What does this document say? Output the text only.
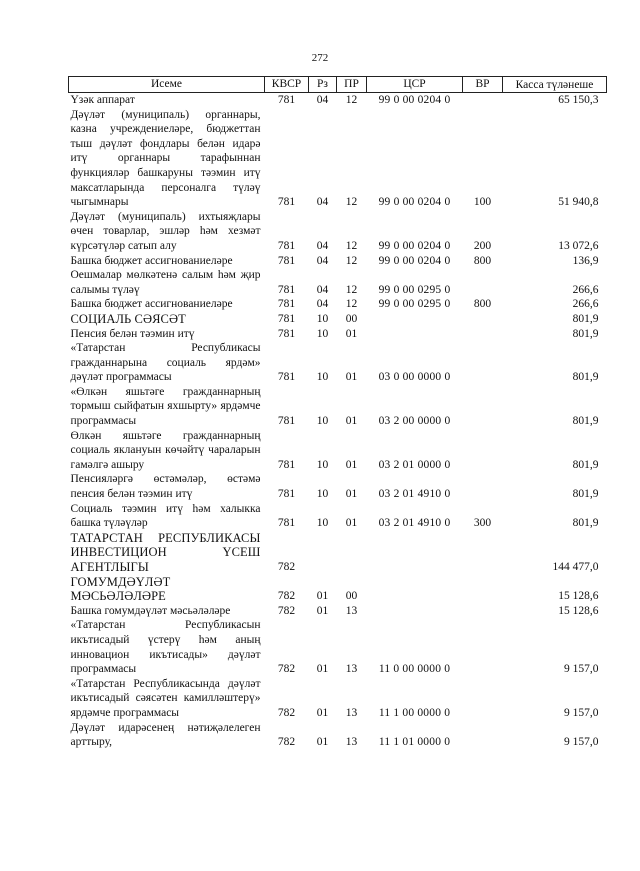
272
Исеме	КВСР	Рз	ПР	ЦСР	ВР	Касса түләнеше
Үзәк аппарат	781	04	12	99 0 00 0204 0		65 150,3
Дәүләт (муниципаль) органнары, казна учреждениеләре, бюджеттан тыш дәүләт фондлары белән идарә итү органнары тарафыннан функцияләр башкаруны тәэмин итү максатларында персоналга түләү чыгымнары	781	04	12	99 0 00 0204 0	100	51 940,8
Дәүләт (муниципаль) ихтыяҗлары өчен товарлар, эшләр һәм хезмәт күрсәтүләр сатып алу	781	04	12	99 0 00 0204 0	200	13 072,6
Башка бюджет ассигнованиеләре	781	04	12	99 0 00 0204 0	800	136,9
Оешмалар мөлкәтенә салым һәм җир салымы түләү	781	04	12	99 0 00 0295 0		266,6
Башка бюджет ассигнованиеләре	781	04	12	99 0 00 0295 0	800	266,6
СОЦИАЛЬ СӘЯСӘТ	781	10	00			801,9
Пенсия белән тәэмин итү	781	10	01			801,9
«Татарстан Республикасы гражданнарына социаль ярдәм» дәүләт программасы	781	10	01	03 0 00 0000 0		801,9
«Өлкән яшьтәге гражданнарның тормыш сыйфатын яхшырту» ярдәмче программасы	781	10	01	03 2 00 0000 0		801,9
Өлкән яшьтәге гражданнарның социаль яклануын көчәйтү чараларын гамәлгә ашыру	781	10	01	03 2 01 0000 0		801,9
Пенсияләргә өстәмәләр, өстәмә пенсия белән тәэмин итү	781	10	01	03 2 01 4910 0		801,9
Социаль тәэмин итү һәм халыкка башка түләүләр	781	10	01	03 2 01 4910 0	300	801,9
ТАТАРСТАН РЕСПУБЛИКАСЫ ИНВЕСТИЦИОН ҮСЕШ АГЕНТЛЫГЫ	782					144 477,0
ГОМУМДӘҮЛӘТ МӘСЬӘЛӘЛӘРЕ	782	01	00			15 128,6
Башка гомумдәүләт мәсьәләләре	782	01	13			15 128,6
«Татарстан Республикасын икътисадый үстерү һәм аның инновацион икътисады» дәүләт программасы	782	01	13	11 0 00 0000 0		9 157,0
«Татарстан Республикасында дәүләт икътисадый сәясәтен камилләштерү» ярдәмче программасы	782	01	13	11 1 00 0000 0		9 157,0
Дәүләт идарәсенең нәтиҗәлелеген арттыру,	782	01	13	11 1 01 0000 0		9 157,0
